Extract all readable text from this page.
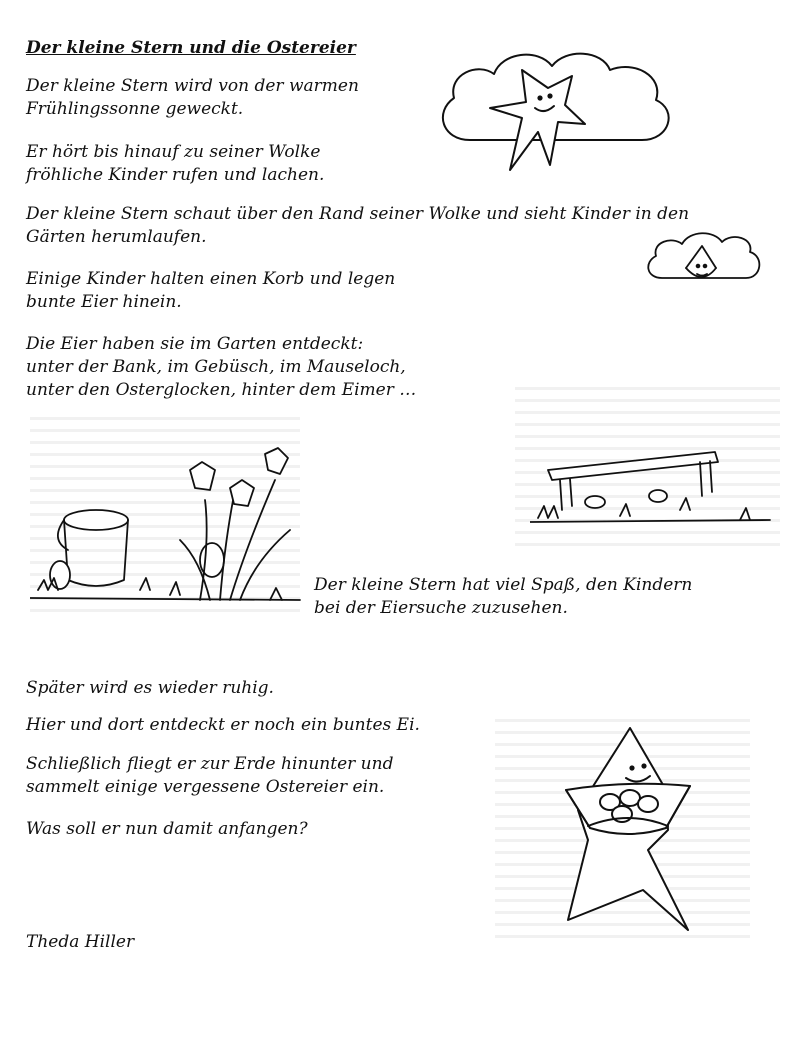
Der kleine Stern und die Ostereier
Der kleine Stern wird von der warmen
Frühlingssonne geweckt.
Er hört bis hinauf zu seiner Wolke
fröhliche Kinder rufen und lachen.
Der kleine Stern schaut über den Rand seiner Wolke und sieht Kinder in den
Gärten herumlaufen.
Einige Kinder halten einen Korb und legen
bunte Eier hinein.
Die Eier haben sie im Garten entdeckt:
unter der Bank, im Gebüsch, im Mauseloch,
unter den Osterglocken, hinter dem Eimer …
Der kleine Stern hat viel Spaß, den Kindern
bei der Eiersuche zuzusehen.
Später wird es wieder ruhig.
Hier und dort entdeckt er noch ein buntes Ei.
Schließlich fliegt er zur Erde hinunter und
sammelt einige vergessene Ostereier ein.
Was soll er nun damit anfangen?
Theda Hiller
